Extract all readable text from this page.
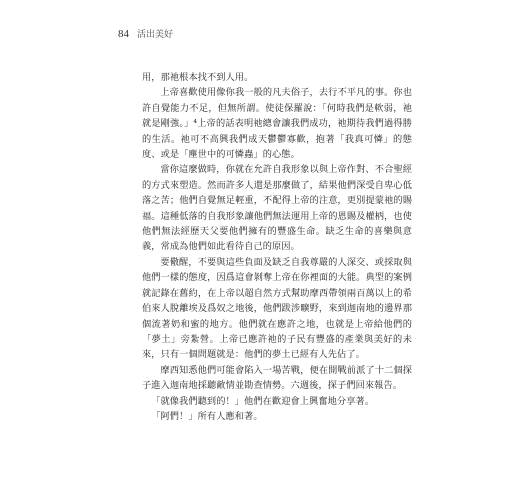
84 活出美好

用，那祂根本找不到人用。

上帝喜歡使用像你我一般的凡夫俗子，去行不平凡的事。你也許自覺能力不足，但無所謂。使徒保羅說：「何時我們是軟弱，祂就是剛強。」⁴上帝的話表明祂總會讓我們成功，祂期待我們過得勝的生活。祂可不高興我們成天鬱鬱寡歡，抱著「我真可憐」的態度、或是「塵世中的可憐蟲」的心態。

當你這麼做時，你就在允許自我形象以與上帝作對、不合聖經的方式來塑造。然而許多人還是那麼做了，結果他們深受自卑心低落之苦；他們自覺無足輕重，不配得上帝的注意，更別提蒙祂的賜福。這種低落的自我形象讓他們無法運用上帝的恩賜及權柄，也使他們無法經歷天父要他們擁有的豐盛生命。缺乏生命的喜樂與意義，常成為他們如此看待自己的原因。

要儆醒，不要與這些負面及缺乏自我尊嚴的人深交、或採取與他們一樣的態度，因爲這會剝奪上帝在你裡面的大能。典型的案例就記錄在舊約，在上帝以超自然方式幫助摩西帶領兩百萬以上的希伯來人脫離埃及爲奴之地後，他們跋涉曠野，來到迦南地的邊界那個流著奶和蜜的地方。他們就在應許之地，也就是上帝給他們的「夢土」旁紮營。上帝已應許祂的子民有豐盛的產業與美好的未來，只有一個問題就是：他們的夢土已經有人先佔了。

摩西知悉他們可能會陷入一場苦戰，便在開戰前派了十二個探子進入迦南地採聽敵情並勘查情勢。六週後，探子們回來報告。

「就像我們聽到的！」他們在歡迎會上興奮地分享著。

「阿們！」所有人應和著。
